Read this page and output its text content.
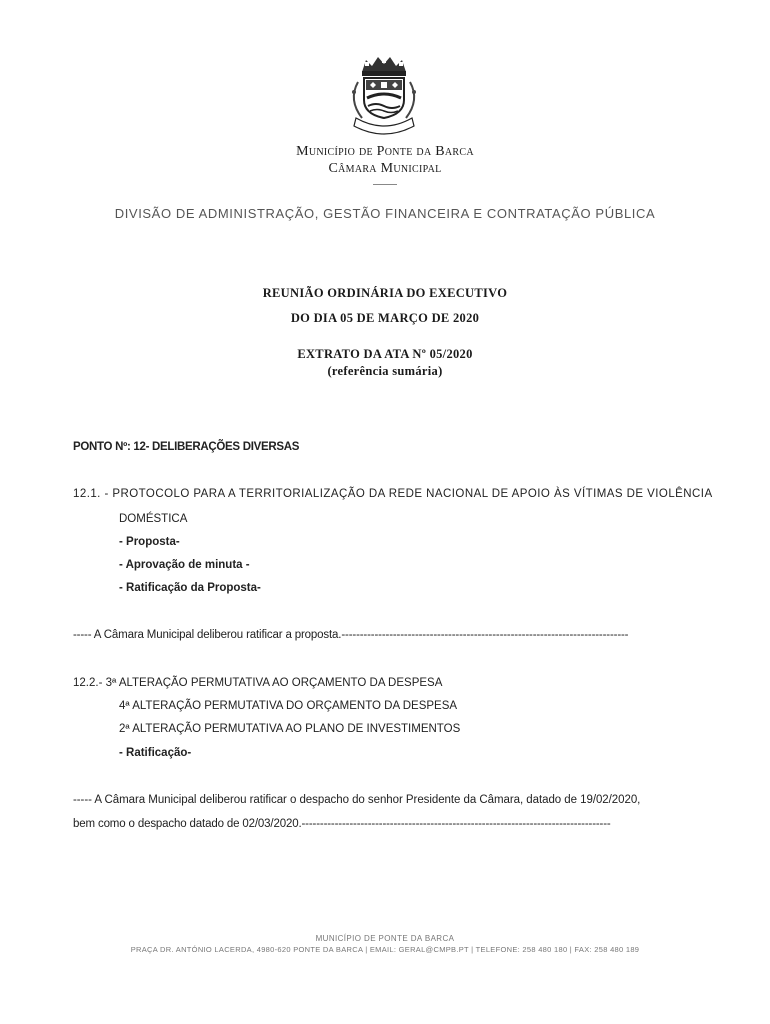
Município de Ponte da Barca
Câmara Municipal
DIVISÃO DE ADMINISTRAÇÃO, GESTÃO FINANCEIRA E CONTRATAÇÃO PÚBLICA
REUNIÃO ORDINÁRIA DO EXECUTIVO
DO DIA 05 DE MARÇO DE 2020
EXTRATO DA ATA Nº 05/2020
(referência sumária)
PONTO Nº: 12- DELIBERAÇÕES DIVERSAS
12.1. - PROTOCOLO PARA A TERRITORIALIZAÇÃO DA REDE NACIONAL DE APOIO ÀS VÍTIMAS DE VIOLÊNCIA
DOMÉSTICA
- Proposta-
- Aprovação de minuta -
- Ratificação da Proposta-
----- A Câmara Municipal deliberou ratificar a proposta.------------------------------------------------------------------------------
12.2.- 3ª ALTERAÇÃO PERMUTATIVA AO ORÇAMENTO DA DESPESA
4ª ALTERAÇÃO PERMUTATIVA DO ORÇAMENTO DA DESPESA
2ª ALTERAÇÃO PERMUTATIVA AO PLANO DE INVESTIMENTOS
- Ratificação-
----- A Câmara Municipal deliberou ratificar o despacho do senhor Presidente da Câmara, datado de 19/02/2020,
bem como o despacho datado de 02/03/2020.------------------------------------------------------------------------------------
MUNICÍPIO DE PONTE DA BARCA
PRAÇA DR. ANTÓNIO LACERDA, 4980-620 PONTE DA BARCA | EMAIL: GERAL@CMPB.PT | TELEFONE: 258 480 180 | FAX: 258 480 189
